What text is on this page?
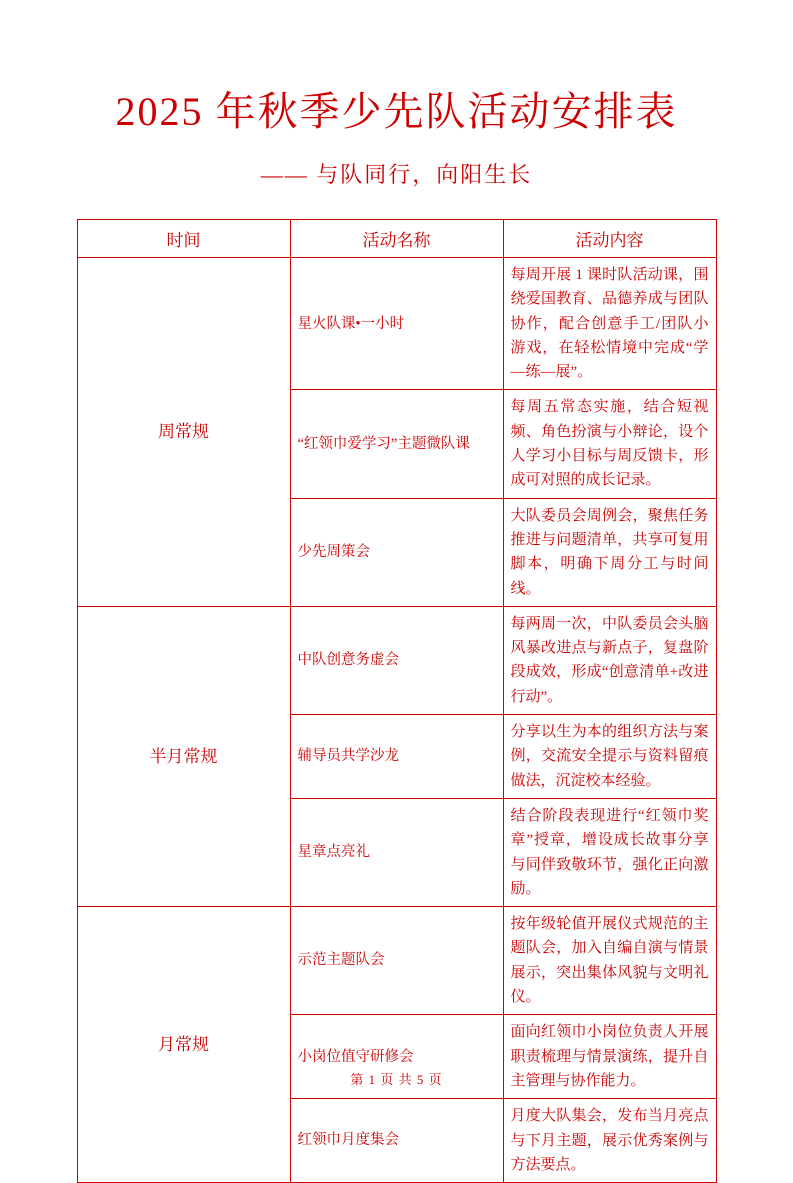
2025 年秋季少先队活动安排表
—— 与队同行，向阳生长
时间	活动名称	活动内容
周常规	星火队课•一小时	每周开展 1 课时队活动课，围绕爱国教育、品德养成与团队协作，配合创意手工/团队小游戏，在轻松情境中完成“学—练—展”。
	“红领巾爱学习”主题微队课	每周五常态实施，结合短视频、角色扮演与小辩论，设个人学习小目标与周反馈卡，形成可对照的成长记录。
	少先周策会	大队委员会周例会，聚焦任务推进与问题清单，共享可复用脚本，明确下周分工与时间线。
半月常规	中队创意务虚会	每两周一次，中队委员会头脑风暴改进点与新点子，复盘阶段成效，形成“创意清单+改进行动”。
	辅导员共学沙龙	分享以生为本的组织方法与案例，交流安全提示与资料留痕做法，沉淀校本经验。
	星章点亮礼	结合阶段表现进行“红领巾奖章”授章，增设成长故事分享与同伴致敬环节，强化正向激励。
月常规	示范主题队会	按年级轮值开展仪式规范的主题队会，加入自编自演与情景展示，突出集体风貌与文明礼仪。
	小岗位值守研修会	面向红领巾小岗位负责人开展职责梳理与情景演练，提升自主管理与协作能力。
	红领巾月度集会	月度大队集会，发布当月亮点与下月主题，展示优秀案例与方法要点。
第 1 页 共 5 页
